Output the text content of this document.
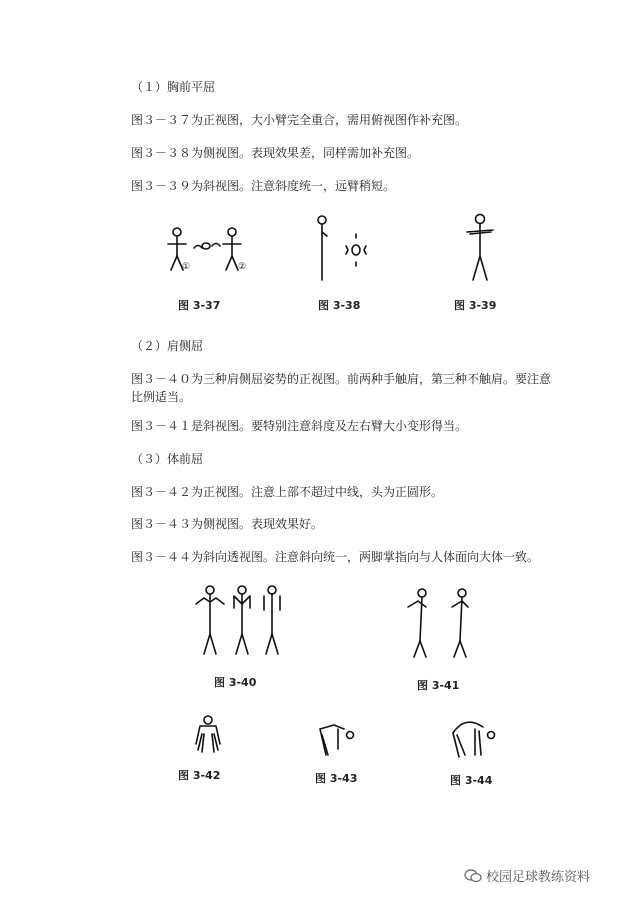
（１）胸前平屈
图３－３７为正视图，大小臂完全重合，需用俯视图作补充图。
图３－３８为侧视图。表现效果差，同样需加补充图。
图３－３９为斜视图。注意斜度统一，远臂稍短。
①	②
图 3-37	图 3-38	图 3-39
（２）肩侧屈
图３－４０为三种肩侧屈姿势的正视图。前两种手触肩，第三种不触肩。要注意比例适当。
图３－４１是斜视图。要特别注意斜度及左右臂大小变形得当。
（３）体前屈
图３－４２为正视图。注意上部不超过中线，头为正圆形。
图３－４３为侧视图。表现效果好。
图３－４４为斜向透视图。注意斜向统一，两脚掌指向与人体面向大体一致。
图 3-40	图 3-41
图 3-42	图 3-43	图 3-44
校园足球教练资料
